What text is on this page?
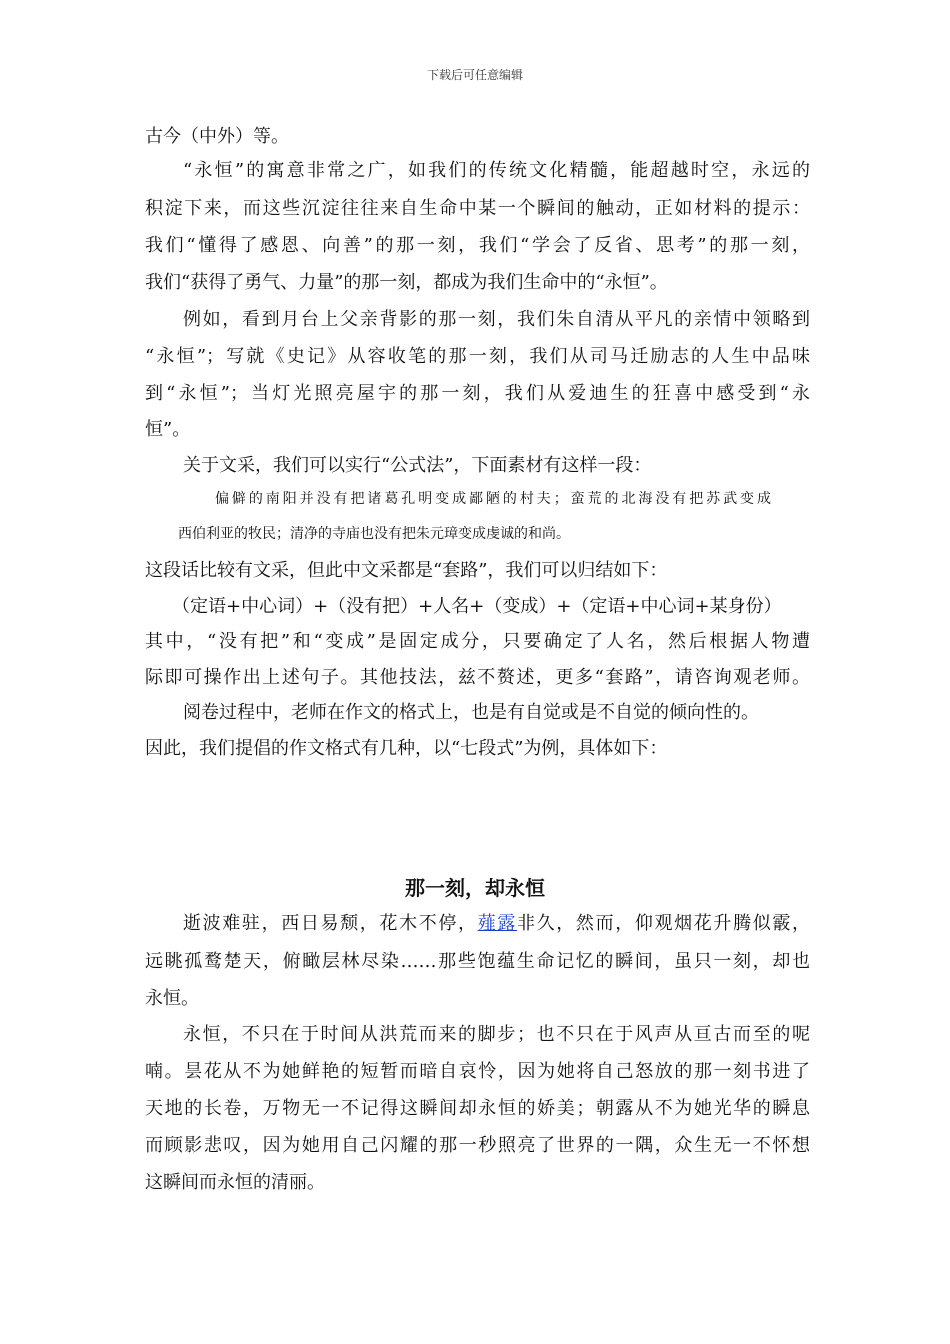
下载后可任意编辑
古今（中外）等。
“永恒”的寓意非常之广，如我们的传统文化精髓，能超越时空，永远的
积淀下来，而这些沉淀往往来自生命中某一个瞬间的触动，正如材料的提示：
我们“懂得了感恩、向善”的那一刻，我们“学会了反省、思考”的那一刻，
我们“获得了勇气、力量”的那一刻，都成为我们生命中的“永恒”。
例如，看到月台上父亲背影的那一刻，我们朱自清从平凡的亲情中领略到
“永恒”；写就《史记》从容收笔的那一刻，我们从司马迁励志的人生中品味
到“永恒”；当灯光照亮屋宇的那一刻，我们从爱迪生的狂喜中感受到“永
恒”。
关于文采，我们可以实行“公式法”，下面素材有这样一段：
偏僻的南阳并没有把诸葛孔明变成鄙陋的村夫；蛮荒的北海没有把苏武变成
西伯利亚的牧民；清净的寺庙也没有把朱元璋变成虔诚的和尚。
这段话比较有文采，但此中文采都是“套路”，我们可以归结如下：
（定语+中心词）+（没有把）+人名+（变成）+（定语+中心词+某身份）
其中，“没有把”和“变成”是固定成分，只要确定了人名，然后根据人物遭
际即可操作出上述句子。其他技法，兹不赘述，更多“套路”，请咨询观老师。
阅卷过程中，老师在作文的格式上，也是有自觉或是不自觉的倾向性的。
因此，我们提倡的作文格式有几种，以“七段式”为例，具体如下：
那一刻，却永恒
逝波难驻，西日易颓，花木不停，薤露非久，然而，仰观烟花升腾似霰，
远眺孤鹜楚天，俯瞰层林尽染……那些饱蕴生命记忆的瞬间，虽只一刻，却也
永恒。
永恒，不只在于时间从洪荒而来的脚步；也不只在于风声从亘古而至的呢
喃。昙花从不为她鲜艳的短暂而暗自哀怜，因为她将自己怒放的那一刻书进了
天地的长卷，万物无一不记得这瞬间却永恒的娇美；朝露从不为她光华的瞬息
而顾影悲叹，因为她用自己闪耀的那一秒照亮了世界的一隅，众生无一不怀想
这瞬间而永恒的清丽。
